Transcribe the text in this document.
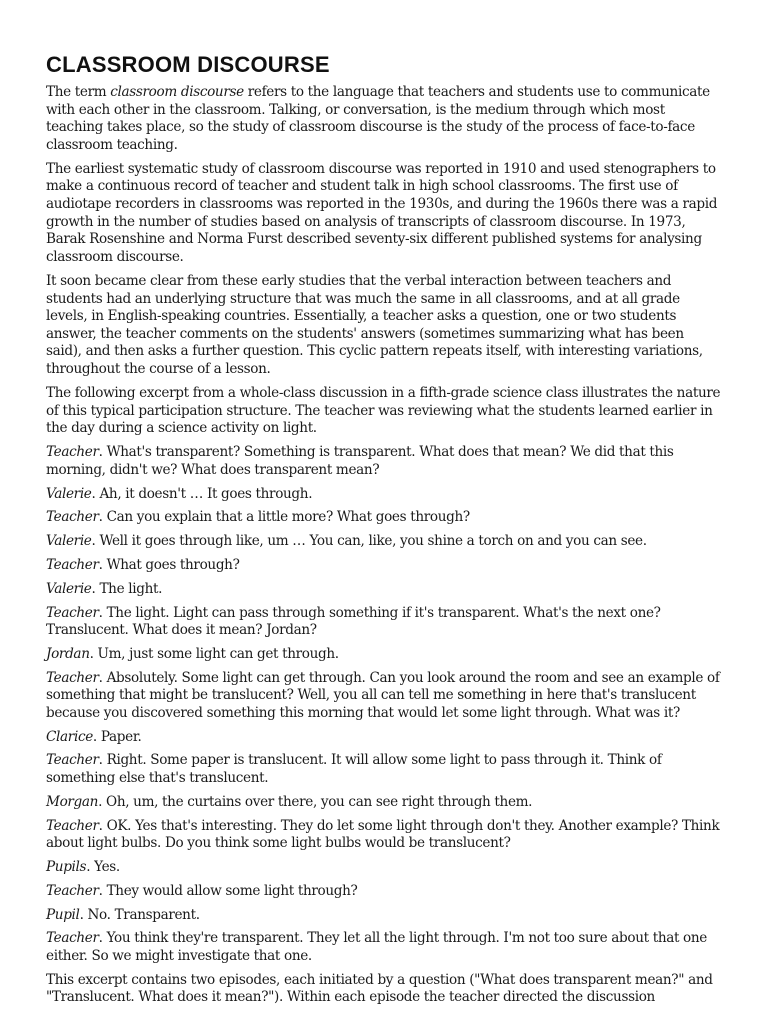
CLASSROOM DISCOURSE

The term classroom discourse refers to the language that teachers and students use to communicate with each other in the classroom. Talking, or conversation, is the medium through which most teaching takes place, so the study of classroom discourse is the study of the process of face-to-face classroom teaching.

The earliest systematic study of classroom discourse was reported in 1910 and used stenographers to make a continuous record of teacher and student talk in high school classrooms. The first use of audiotape recorders in classrooms was reported in the 1930s, and during the 1960s there was a rapid growth in the number of studies based on analysis of transcripts of classroom discourse. In 1973, Barak Rosenshine and Norma Furst described seventy-six different published systems for analysing classroom discourse.

It soon became clear from these early studies that the verbal interaction between teachers and students had an underlying structure that was much the same in all classrooms, and at all grade levels, in English-speaking countries. Essentially, a teacher asks a question, one or two students answer, the teacher comments on the students' answers (sometimes summarizing what has been said), and then asks a further question. This cyclic pattern repeats itself, with interesting variations, throughout the course of a lesson.

The following excerpt from a whole-class discussion in a fifth-grade science class illustrates the nature of this typical participation structure. The teacher was reviewing what the students learned earlier in the day during a science activity on light.

Teacher. What's transparent? Something is transparent. What does that mean? We did that this morning, didn't we? What does transparent mean?

Valerie. Ah, it doesn't … It goes through.

Teacher. Can you explain that a little more? What goes through?

Valerie. Well it goes through like, um … You can, like, you shine a torch on and you can see.

Teacher. What goes through?

Valerie. The light.

Teacher. The light. Light can pass through something if it's transparent. What's the next one? Translucent. What does it mean? Jordan?

Jordan. Um, just some light can get through.

Teacher. Absolutely. Some light can get through. Can you look around the room and see an example of something that might be translucent? Well, you all can tell me something in here that's translucent because you discovered something this morning that would let some light through. What was it?

Clarice. Paper.

Teacher. Right. Some paper is translucent. It will allow some light to pass through it. Think of something else that's translucent.

Morgan. Oh, um, the curtains over there, you can see right through them.

Teacher. OK. Yes that's interesting. They do let some light through don't they. Another example? Think about light bulbs. Do you think some light bulbs would be translucent?

Pupils. Yes.

Teacher. They would allow some light through?

Pupil. No. Transparent.

Teacher. You think they're transparent. They let all the light through. I'm not too sure about that one either. So we might investigate that one.

This excerpt contains two episodes, each initiated by a question ("What does transparent mean?" and "Translucent. What does it mean?"). Within each episode the teacher directed the discussion
